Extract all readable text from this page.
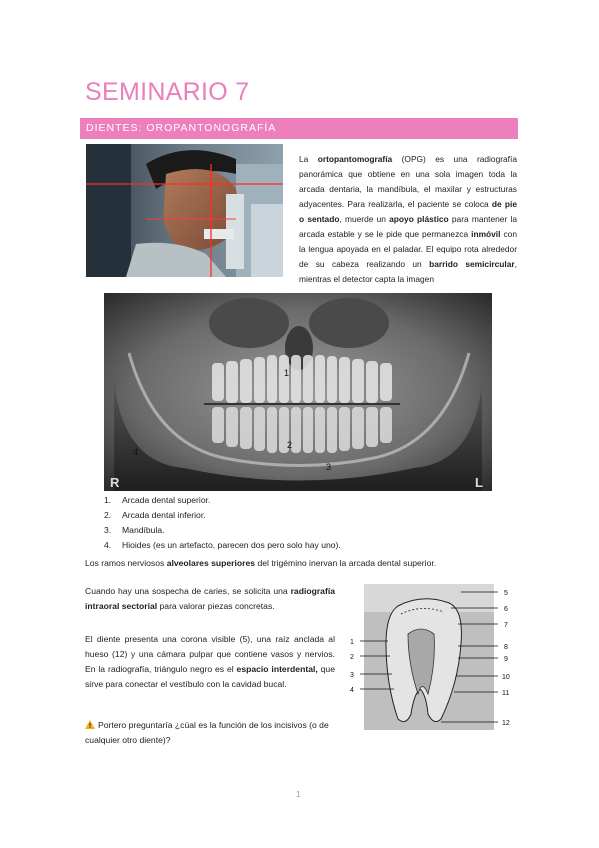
SEMINARIO 7
DIENTES: OROPANTONOGRAFÍA
La ortopantomografía (OPG) es una radiografía panorámica que obtiene en una sola imagen toda la arcada dentaria, la mandíbula, el maxilar y estructuras adyacentes. Para realizarla, el paciente se coloca de pie o sentado, muerde un apoyo plástico para mantener la arcada estable y se le pide que permanezca inmóvil con la lengua apoyada en el paladar. El equipo rota alrededor de su cabeza realizando un barrido semicircular, mientras el detector capta la imagen
1
2
3
4
R	L
1.	Arcada dental superior.
2.	Arcada dental inferior.
3.	Mandíbula.
4.	Hioides (es un artefacto, parecen dos pero solo hay uno).
Los ramos nerviosos alveolares superiores del trigémino inervan la arcada dental superior.
Cuando hay una sospecha de caries, se solicita una radiografía intraoral sectorial para valorar piezas concretas.
El diente presenta una corona visible (5), una raíz anclada al hueso (12) y una cámara pulpar que contiene vasos y nervios. En la radiografía, triángulo negro es el espacio interdental, que sirve para conectar el vestíbulo con la cavidad bucal.
Portero preguntaría ¿cúal es la función de los incisivos (o de cualquier otro diente)?
1
2
3
4
5
6
7
8
9
10
11
12
1
